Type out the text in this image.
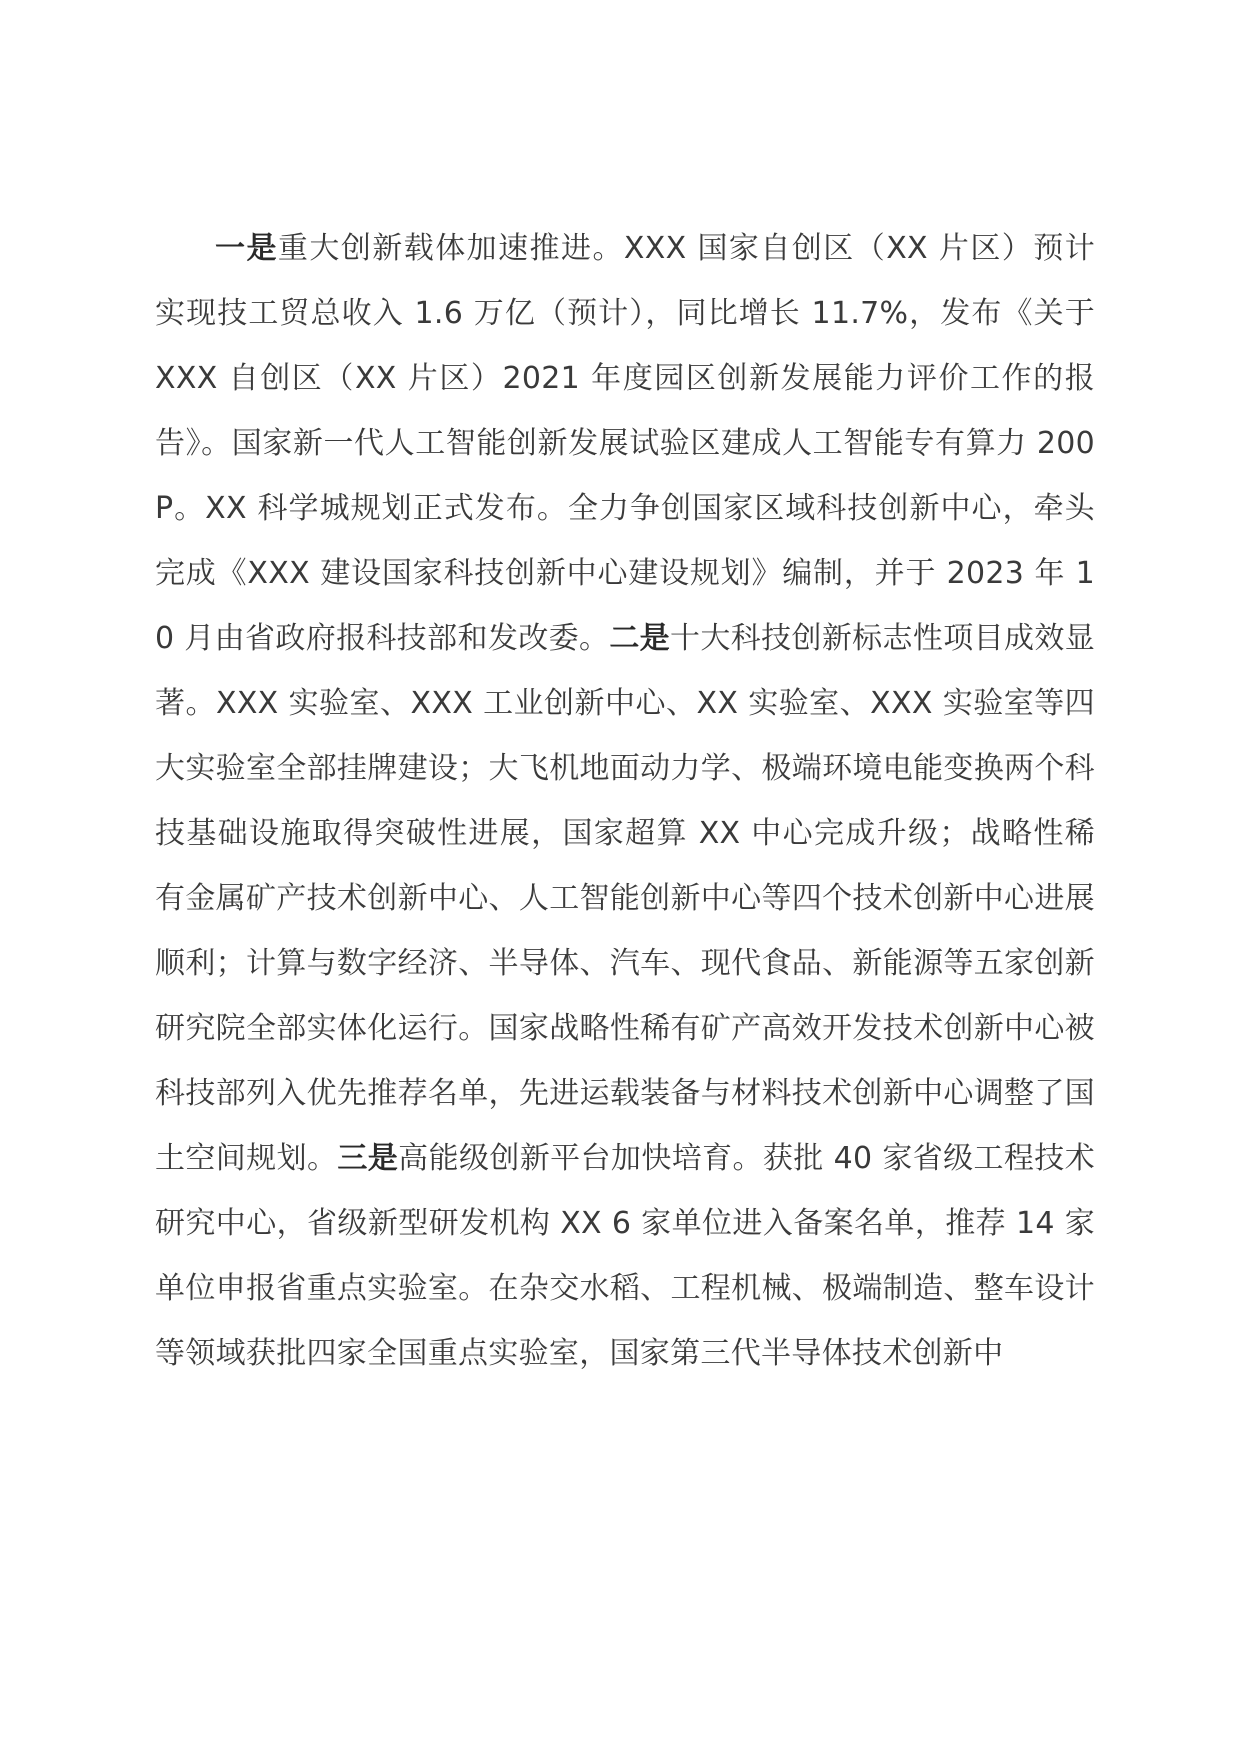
一是重大创新载体加速推进。XXX 国家自创区（XX 片区）预计实现技工贸总收入 1.6 万亿（预计），同比增长 11.7%，发布《关于 XXX 自创区（XX 片区）2021 年度园区创新发展能力评价工作的报告》。国家新一代人工智能创新发展试验区建成人工智能专有算力 200P。XX 科学城规划正式发布。全力争创国家区域科技创新中心，牵头完成《XXX 建设国家科技创新中心建设规划》编制，并于 2023 年 10 月由省政府报科技部和发改委。二是十大科技创新标志性项目成效显著。XXX 实验室、XXX 工业创新中心、XX 实验室、XXX 实验室等四大实验室全部挂牌建设；大飞机地面动力学、极端环境电能变换两个科技基础设施取得突破性进展，国家超算 XX 中心完成升级；战略性稀有金属矿产技术创新中心、人工智能创新中心等四个技术创新中心进展顺利；计算与数字经济、半导体、汽车、现代食品、新能源等五家创新研究院全部实体化运行。国家战略性稀有矿产高效开发技术创新中心被科技部列入优先推荐名单，先进运载装备与材料技术创新中心调整了国土空间规划。三是高能级创新平台加快培育。获批 40 家省级工程技术研究中心，省级新型研发机构 XX 6 家单位进入备案名单，推荐 14 家单位申报省重点实验室。在杂交水稻、工程机械、极端制造、整车设计等领域获批四家全国重点实验室，国家第三代半导体技术创新中
